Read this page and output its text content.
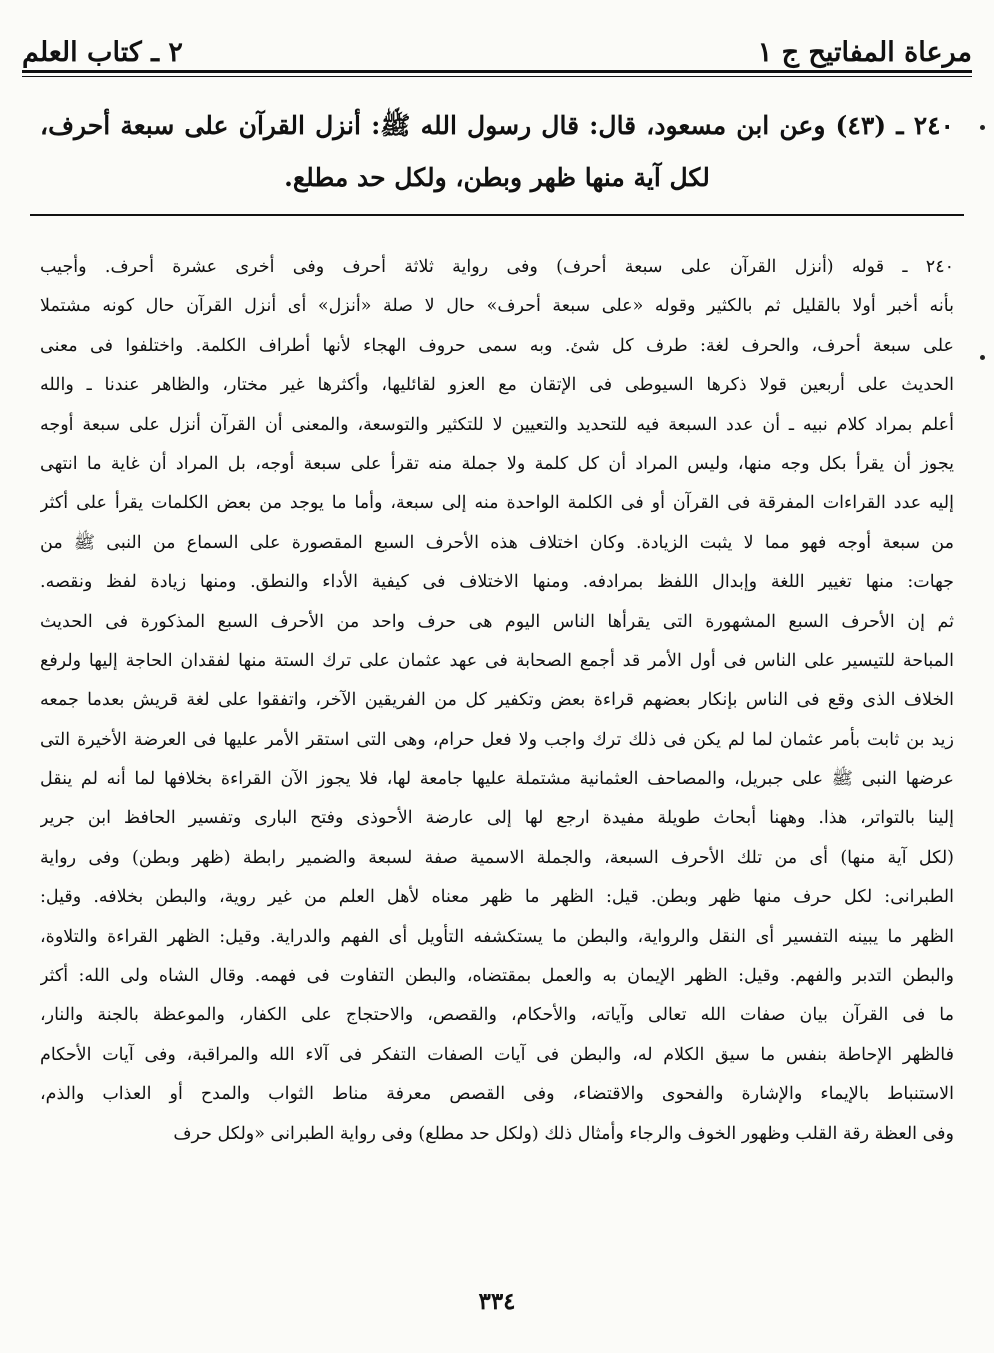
مرعاة المفاتيح ج ١
٢ ـ كتاب العلم
٢٤٠ ـ (٤٣) وعن ابن مسعود، قال: قال رسول الله ﷺ: أنزل القرآن على سبعة أحرف، لكل آية منها ظهر وبطن، ولكل حد مطلع.
٢٤٠ ـ قوله (أنزل القرآن على سبعة أحرف) وفى رواية ثلاثة أحرف وفى أخرى عشرة أحرف. وأجيب
بأنه أخبر أولا بالقليل ثم بالكثير وقوله «على سبعة أحرف» حال لا صلة «أنزل» أى أنزل القرآن حال كونه مشتملا
على سبعة أحرف، والحرف لغة: طرف كل شئ. وبه سمى حروف الهجاء لأنها أطراف الكلمة. واختلفوا فى معنى
الحديث على أربعين قولا ذكرها السيوطى فى الإتقان مع العزو لقائليها، وأكثرها غير مختار، والظاهر عندنا ـ والله
أعلم بمراد كلام نبيه ـ أن عدد السبعة فيه للتحديد والتعيين لا للتكثير والتوسعة، والمعنى أن القرآن أنزل على سبعة أوجه
يجوز أن يقرأ بكل وجه منها، وليس المراد أن كل كلمة ولا جملة منه تقرأ على سبعة أوجه، بل المراد أن غاية ما انتهى
إليه عدد القراءات المفرقة فى القرآن أو فى الكلمة الواحدة منه إلى سبعة، وأما ما يوجد من بعض الكلمات يقرأ على أكثر
من سبعة أوجه فهو مما لا يثبت الزيادة. وكان اختلاف هذه الأحرف السبع المقصورة على السماع من النبى ﷺ من
جهات: منها تغيير اللغة وإبدال اللفظ بمرادفه. ومنها الاختلاف فى كيفية الأداء والنطق. ومنها زيادة لفظ ونقصه.
ثم إن الأحرف السبع المشهورة التى يقرأها الناس اليوم هى حرف واحد من الأحرف السبع المذكورة فى الحديث
المباحة للتيسير على الناس فى أول الأمر قد أجمع الصحابة فى عهد عثمان على ترك الستة منها لفقدان الحاجة إليها ولرفع
الخلاف الذى وقع فى الناس بإنكار بعضهم قراءة بعض وتكفير كل من الفريقين الآخر، واتفقوا على لغة قريش بعدما جمعه
زيد بن ثابت بأمر عثمان لما لم يكن فى ذلك ترك واجب ولا فعل حرام، وهى التى استقر الأمر عليها فى العرضة الأخيرة التى
عرضها النبى ﷺ على جبريل، والمصاحف العثمانية مشتملة عليها جامعة لها، فلا يجوز الآن القراءة بخلافها لما أنه لم ينقل
إلينا بالتواتر، هذا. وههنا أبحاث طويلة مفيدة ارجع لها إلى عارضة الأحوذى وفتح البارى وتفسير الحافظ ابن جرير
(لكل آية منها) أى من تلك الأحرف السبعة، والجملة الاسمية صفة لسبعة والضمير رابطة (ظهر وبطن) وفى رواية
الطبرانى: لكل حرف منها ظهر وبطن. قيل: الظهر ما ظهر معناه لأهل العلم من غير روية، والبطن بخلافه. وقيل:
الظهر ما يبينه التفسير أى النقل والرواية، والبطن ما يستكشفه التأويل أى الفهم والدراية. وقيل: الظهر القراءة والتلاوة،
والبطن التدبر والفهم. وقيل: الظهر الإيمان به والعمل بمقتضاه، والبطن التفاوت فى فهمه. وقال الشاه ولى الله: أكثر
ما فى القرآن بيان صفات الله تعالى وآياته، والأحكام، والقصص، والاحتجاج على الكفار، والموعظة بالجنة والنار،
فالظهر الإحاطة بنفس ما سيق الكلام له، والبطن فى آيات الصفات التفكر فى آلاء الله والمراقبة، وفى آيات الأحكام
الاستنباط بالإيماء والإشارة والفحوى والاقتضاء، وفى القصص معرفة مناط الثواب والمدح أو العذاب والذم،
وفى العظة رقة القلب وظهور الخوف والرجاء وأمثال ذلك (ولكل حد مطلع) وفى رواية الطبرانى «ولكل حرف
٣٣٤
